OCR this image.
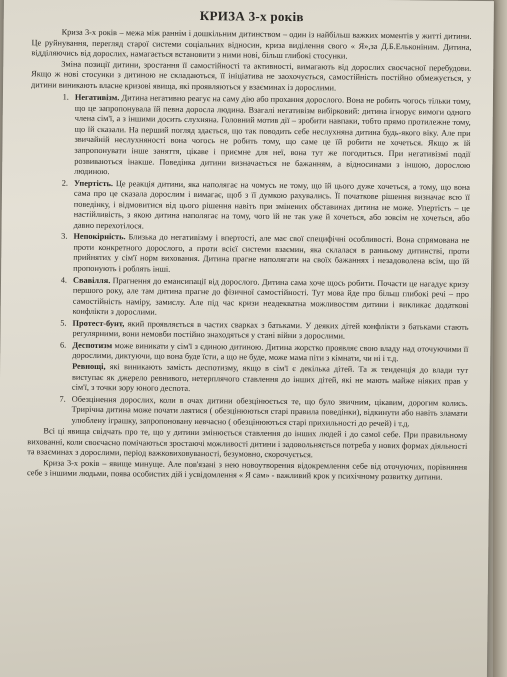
КРИЗА 3-х років

Криза 3-х років – межа між раннім і дошкільним дитинством – один із найбільш важких моментів у житті дитини. Це руйнування, перегляд старої системи соціальних відносин, криза виділення свого « Я»,за Д.Б.Ельконіним. Дитина, відділяючись від дорослих, намагається встановити з ними нові, більш глибокі стосунки.

Зміна позиції дитини, зростання її самостійності та активності, вимагають від дорослих своєчасної перебудови. Якщо ж нові стосунки з дитиною не складаються, її ініціатива не заохочується, самостійність постійно обмежується, у дитини виникають власне кризові явища, які проявляються у взаєминах із дорослими.

1. Негативізм. Дитина негативно реагує на саму дію або прохання дорослого. Вона не робить чогось тільки тому, що це запропонувала їй певна доросла людина. Взагалі негативізм вибірковий: дитина ігнорує вимоги одного члена сім'ї, а з іншими досить слухняна. Головний мотив дії – зробити навпаки, тобто прямо протилежне тому, що їй сказали. На перший погляд здається, що так поводить себе неслухняна дитина будь-якого віку. Але при звичайній неслухняності вона чогось не робить тому, що саме це їй робити не хочеться. Якщо ж їй запропонувати інше заняття, цікаве і приємне для неї, вона тут же погодиться. При негативізмі події розвиваються інакше. Поведінка дитини визначається не бажанням, а відносинами з іншою, дорослою людиною.
2. Упертість. Це реакція дитини, яка наполягає на чомусь не тому, що їй цього дуже хочеться, а тому, що вона сама про це сказала дорослим і вимагає, щоб з її думкою рахувались. Її початкове рішення визначає всю її поведінку, і відмовитися від цього рішення навіть при змінених обставинах дитина не може. Упертість – це настійливість, з якою дитина наполягає на тому, чого їй не так уже й хочеться, або зовсім не хочеться, або давно перехотілося.
3. Непокірність. Близька до негативізму і впертості, але має свої специфічні особливості. Вона спрямована не проти конкретного дорослого, а проти всієї системи взаємин, яка склалася в ранньому дитинстві, проти прийнятих у сім'ї норм виховання. Дитина прагне наполягати на своїх бажаннях і незадоволена всім, що їй пропонують і роблять інші.
4. Свавілля. Прагнення до емансипації від дорослого. Дитина сама хоче щось робити. Почасти це нагадує кризу першого року, але там дитина прагне до фізичної самостійності. Тут мова йде про більш глибокі речі – про самостійність наміру, замислу. Але під час кризи неадекватна можливостям дитини і викликає додаткові конфлікти з дорослими.
5. Протест-бунт, який проявляється в частих сварках з батьками. У деяких дітей конфлікти з батьками стають регулярними, вони немовби постійно знаходяться у стані війни з дорослими.
6. Деспотизм може виникати у сім'ї з єдиною дитиною. Дитина жорстко проявляє свою владу над оточуючими її дорослими, диктуючи, що вона буде їсти, а що не буде, може мама піти з кімнати, чи ні і т.д.
Ревнощі, які виникають замість деспотизму, якщо в сім'ї є декілька дітей. Та ж тенденція до влади тут виступає як джерело ревнивого, нетерплячого ставлення до інших дітей, які не мають майже ніяких прав у сім'ї, з точки зору юного деспота.
7. Обезцінення дорослих, коли в очах дитини обезцінюється те, що було звичним, цікавим, дорогим колись. Трирічна дитина може почати лаятися ( обезцінюються старі правила поведінки), відкинути або навіть зламати улюблену іграшку, запропоновану невчасно ( обезцінюються старі прихильності до речей) і т.д.

Всі ці явища свідчать про те, що у дитини змінюється ставлення до інших людей і до самої себе. При правильному вихованні, коли своєчасно помічаються зростаючі можливості дитини і задовольняється потреба у нових формах діяльності та взаєминах з дорослими, період важковиховуваності, безумовно, скорочується.

Криза 3-х років – явище минуще. Але пов'язані з нею новоутворення відокремлення себе від оточуючих, порівняння себе з іншими людьми, поява особистих дій і усвідомлення « Я сам» - важливий крок у психічному розвитку дитини.
